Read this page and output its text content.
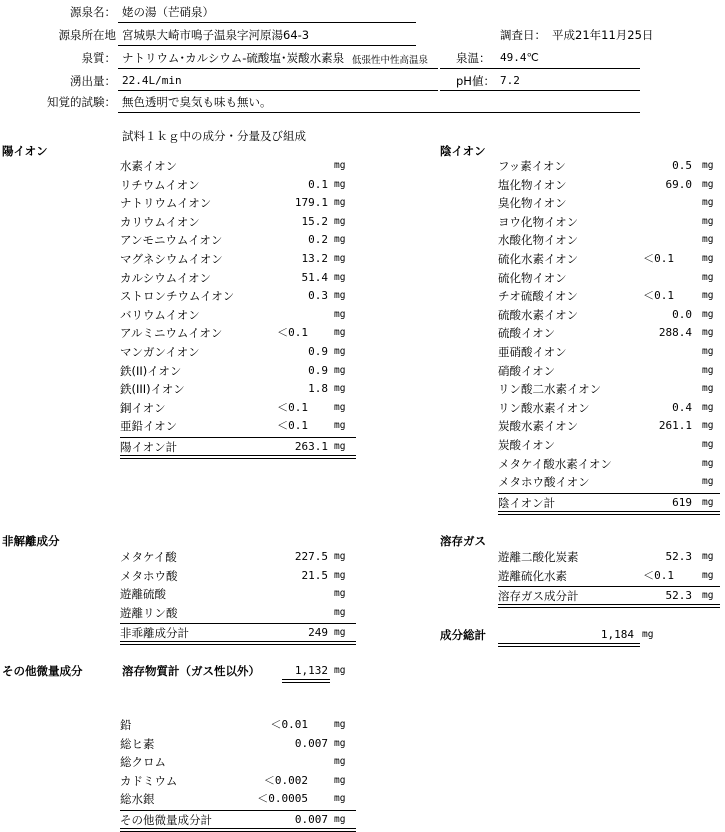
源泉名： 姥の湯（芒硝泉）
源泉所在地 宮城県大崎市鳴子温泉字河原湯64-3	調査日： 平成21年11月25日
泉質： ナトリウム･カルシウム-硫酸塩･炭酸水素泉 低張性中性高温泉 泉温： 49.4℃
湧出量： 22.4L/min	pH値： 7.2
知覚的試験： 無色透明で臭気も味も無い。
試料１ｋｇ中の成分・分量及び組成
陽イオン	陰イオン
非解離成分	溶存ガス
その他微量成分
成分総計	1,184 mg
溶存物質計（ガス性以外）	1,132 mg
水素イオン	mg
リチウムイオン	0.1 mg
ナトリウムイオン	179.1 mg
カリウムイオン	15.2 mg
アンモニウムイオン	0.2 mg
マグネシウムイオン	13.2 mg
カルシウムイオン	51.4 mg
ストロンチウムイオン	0.3 mg
バリウムイオン	mg
アルミニウムイオン	＜0.1	mg
マンガンイオン	0.9 mg
鉄(II)イオン	0.9 mg
鉄(III)イオン	1.8 mg
銅イオン	＜0.1	mg
亜鉛イオン	＜0.1	mg
陽イオン計	263.1 mg
フッ素イオン	0.5 mg
塩化物イオン	69.0 mg
臭化物イオン	mg
ヨウ化物イオン	mg
水酸化物イオン	mg
硫化水素イオン	＜0.1	mg
硫化物イオン	mg
チオ硫酸イオン	＜0.1	mg
硫酸水素イオン	0.0 mg
硫酸イオン	288.4 mg
亜硝酸イオン	mg
硝酸イオン	mg
リン酸二水素イオン	mg
リン酸水素イオン	0.4 mg
炭酸水素イオン	261.1 mg
炭酸イオン	mg
メタケイ酸水素イオン	mg
メタホウ酸イオン	mg
陰イオン計	619 mg
メタケイ酸	227.5 mg
メタホウ酸	21.5 mg
遊離硫酸	mg
遊離リン酸	mg
非乖離成分計	249 mg
遊離二酸化炭素	52.3 mg
遊離硫化水素	＜0.1	mg
溶存ガス成分計	52.3 mg
鉛	＜0.01	mg
総ヒ素	0.007 mg
総クロム	mg
カドミウム	＜0.002	mg
総水銀	＜0.0005	mg
その他微量成分計	0.007 mg
